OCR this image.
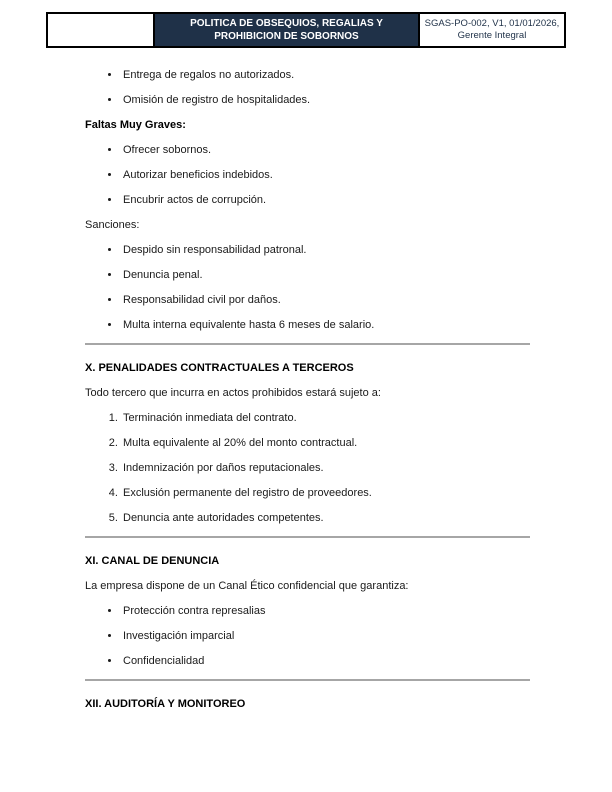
POLITICA DE OBSEQUIOS, REGALIAS Y PROHIBICION DE SOBORNOS
SGAS-PO-002, V1, 01/01/2026,
Gerente Integral
• Entrega de regalos no autorizados.
• Omisión de registro de hospitalidades.

Faltas Muy Graves:

• Ofrecer sobornos.
• Autorizar beneficios indebidos.
• Encubrir actos de corrupción.

Sanciones:

• Despido sin responsabilidad patronal.
• Denuncia penal.
• Responsabilidad civil por daños.
• Multa interna equivalente hasta 6 meses de salario.

X. PENALIDADES CONTRACTUALES A TERCEROS

Todo tercero que incurra en actos prohibidos estará sujeto a:

1. Terminación inmediata del contrato.
2. Multa equivalente al 20% del monto contractual.
3. Indemnización por daños reputacionales.
4. Exclusión permanente del registro de proveedores.
5. Denuncia ante autoridades competentes.

XI. CANAL DE DENUNCIA

La empresa dispone de un Canal Ético confidencial que garantiza:

• Protección contra represalias
• Investigación imparcial
• Confidencialidad

XII. AUDITORÍA Y MONITOREO
